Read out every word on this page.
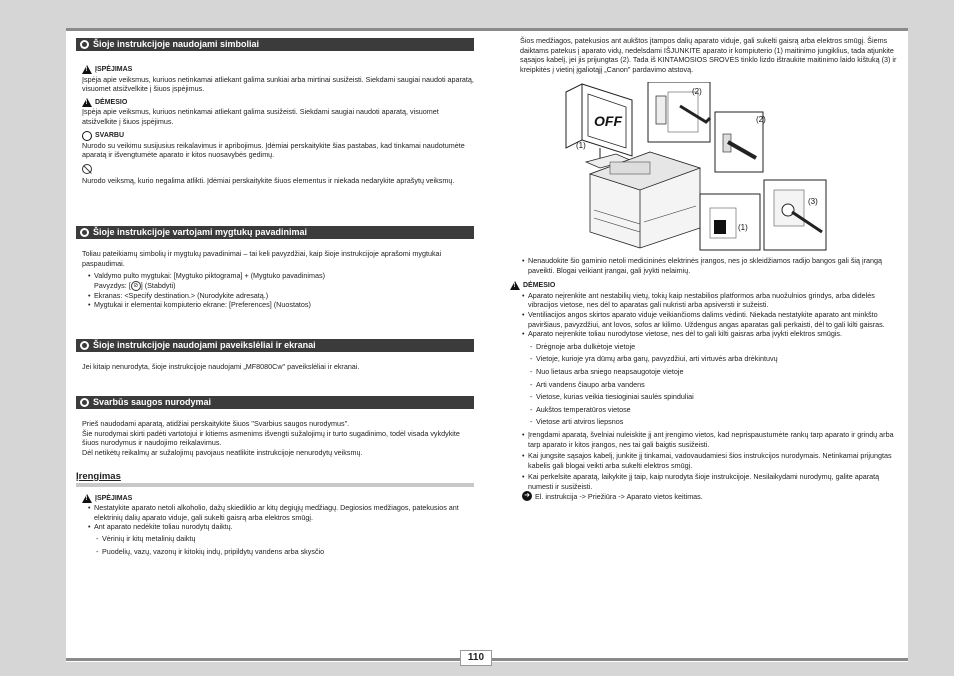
110
Šioje instrukcijoje naudojami simboliai
!
ĮSPĖJIMAS
Įspėja apie veiksmus, kuriuos netinkamai atliekant galima sunkiai arba mirtinai susižeisti. Siekdami saugiai naudoti aparatą, visuomet atsižvelkite į šiuos įspėjimus.
!
DĖMESIO
Įspėja apie veiksmus, kuriuos netinkamai atliekant galima susižeisti. Siekdami saugiai naudoti aparatą, visuomet atsižvelkite į šiuos įspėjimus.
SVARBU
Nurodo su veikimu susijusius reikalavimus ir apribojimus. Įdėmiai perskaitykite šias pastabas, kad tinkamai naudotumėte aparatą ir išvengtumėte aparato ir kitos nuosavybės gedimų.
Nurodo veiksmą, kurio negalima atlikti. Įdėmiai perskaitykite šiuos elementus ir niekada nedarykite aprašytų veiksmų.
Šioje instrukcijoje vartojami mygtukų pavadinimai
Toliau pateikiamų simbolių ir mygtukų pavadinimai – tai keli pavyzdžiai, kaip šioje instrukcijoje aprašomi mygtukai paspaudimai.
• Valdymo pulto mygtukai: [Mygtuko piktograma] + (Mygtuko pavadinimas)
Pavyzdys: [ ⊘ ] (Stabdyti)
• Ekranas: <Specify destination.> (Nurodykite adresatą.)
• Mygtukai ir elementai kompiuterio ekrane: [Preferences] (Nuostatos)
Šioje instrukcijoje naudojami paveikslėliai ir ekranai
Jei kitaip nenurodyta, šioje instrukcijoje naudojami „MF8080Cw" paveikslėliai ir ekranai.
Svarbūs saugos nurodymai
Prieš naudodami aparatą, atidžiai perskaitykite šiuos "Svarbius saugos nurodymus".
Šie nurodymai skirti padėti vartotojui ir kitiems asmenims išvengti sužalojimų ir turto sugadinimo, todėl visada vykdykite šiuos nurodymus ir naudojimo reikalavimus.
Dėl netikėtų reikalmų ar sužalojimų pavojaus neatlikite instrukcijoje nenurodytų veiksmų.
Įrengimas
!
ĮSPĖJIMAS
• Nestatykite aparato netoli alkoholio, dažų skiediklio ar kitų degiųjų medžiagų. Degiosios medžiagos, patekusios ant elektrinių dalių aparato viduje, gali sukelti gaisrą arba elektros smūgį.
• Ant aparato nedėkite toliau nurodytų daiktų.
- Vėrinių ir kitų metalinių daiktų
- Puodelių, vazų, vazonų ir kitokių indų, pripildytų vandens arba skysčio
Šios medžiagos, patekusios ant aukštos įtampos dalių aparato viduje, gali sukelti gaisrą arba elektros smūgį. Šiems daiktams patekus į aparato vidų, nedelsdami IŠJUNKITE aparato ir kompiuterio (1) maitinimo jungiklius, tada atjunkite sąsajos kabelį, jei jis prijungtas (2). Tada iš KINTAMOSIOS SROVĖS tinklo lizdo ištraukite maitinimo laido kištuką (3) ir kreipkitės į vietinį įgaliotąjį „Canon" pardavimo atstovą.
OFF
(2)
(2)
(1)
(3)
(1)
• Nenaudokite šio gaminio netoli medicininės elektrinės įrangos, nes jo skleidžiamos radijo bangos gali šią įrangą paveikti. Blogai veikiant įrangai, gali įvykti nelaimių.
!
DĖMESIO
• Aparato neįrenkite ant nestabilių vietų, tokių kaip nestabilios platformos arba nuožulnios grindys, arba didelės vibracijos vietose, nes dėl to aparatas gali nukristi arba apsiversti ir sužeisti.
• Ventiliacijos angos skirtos aparato viduje veikiančioms dalims vėdinti. Niekada nestatykite aparato ant minkšto paviršiaus, pavyzdžiui, ant lovos, sofos ar kilimo. Uždengus angas aparatas gali perkaisti, dėl to gali kilti gaisras.
• Aparato neįrenkite toliau nurodytose vietose, nes dėl to gali kilti gaisras arba įvykti elektros smūgis.
- Drėgnoje arba dulkėtoje vietoje
- Vietoje, kurioje yra dūmų arba garų, pavyzdžiui, arti virtuvės arba drėkintuvų
- Nuo lietaus arba sniego neapsaugotoje vietoje
- Arti vandens čiaupo arba vandens
- Vietose, kurias veikia tiesioginiai saulės spinduliai
- Aukštos temperatūros vietose
- Vietose arti atviros liepsnos
• Įrengdami aparatą, švelniai nuleiskite jį ant įrengimo vietos, kad neprispaustumėte rankų tarp aparato ir grindų arba tarp aparato ir kitos įrangos, nes tai gali baigtis susižeisti.
• Kai jungsite sąsajos kabelį, junkite jį tinkamai, vadovaudamiesi šios instrukcijos nurodymais. Netinkamai prijungtas kabelis gali blogai veikti arba sukelti elektros smūgį.
• Kai perkelsite aparatą, laikykite jį taip, kaip nurodyta šioje instrukcijoje. Nesilaikydami nurodymų, galite aparatą numesti ir susižeisti.
➜ El. instrukcija -> Priežiūra -> Aparato vietos keitimas.
